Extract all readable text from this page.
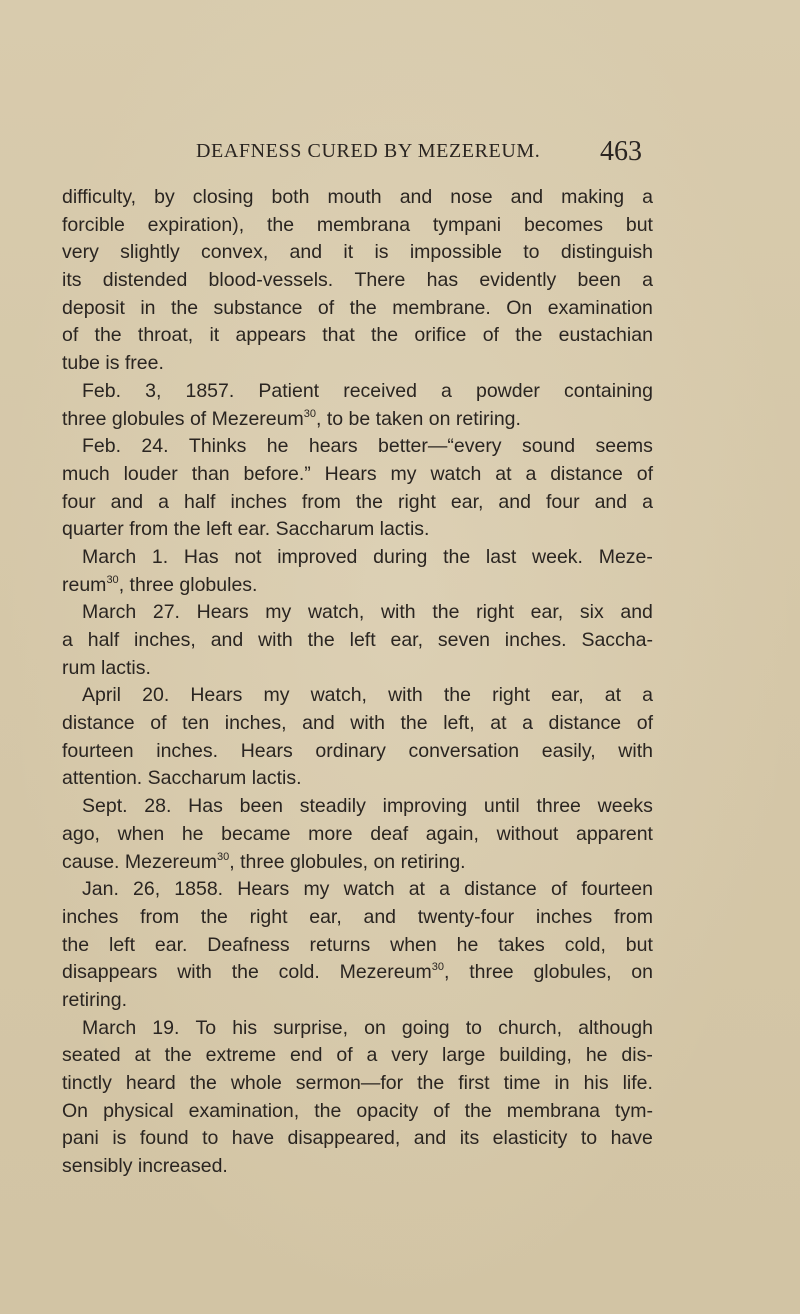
DEAFNESS CURED BY MEZEREUM. 463
difficulty, by closing both mouth and nose and making a
forcible expiration), the membrana tympani becomes but
very slightly convex, and it is impossible to distinguish
its distended blood-vessels. There has evidently been a
deposit in the substance of the membrane. On examination
of the throat, it appears that the orifice of the eustachian
tube is free.
Feb. 3, 1857. Patient received a powder containing
three globules of Mezereum$^{30}$, to be taken on retiring.
Feb. 24. Thinks he hears better—“every sound seems
much louder than before.” Hears my watch at a distance of
four and a half inches from the right ear, and four and a
quarter from the left ear. Saccharum lactis.
March 1. Has not improved during the last week. Meze-
reum$^{30}$, three globules.
March 27. Hears my watch, with the right ear, six and
a half inches, and with the left ear, seven inches. Saccha-
rum lactis.
April 20. Hears my watch, with the right ear, at a
distance of ten inches, and with the left, at a distance of
fourteen inches. Hears ordinary conversation easily, with
attention. Saccharum lactis.
Sept. 28. Has been steadily improving until three weeks
ago, when he became more deaf again, without apparent
cause. Mezereum$^{30}$, three globules, on retiring.
Jan. 26, 1858. Hears my watch at a distance of fourteen
inches from the right ear, and twenty-four inches from
the left ear. Deafness returns when he takes cold, but
disappears with the cold. Mezereum$^{30}$, three globules, on
retiring.
March 19. To his surprise, on going to church, although
seated at the extreme end of a very large building, he dis-
tinctly heard the whole sermon—for the first time in his life.
On physical examination, the opacity of the membrana tym-
pani is found to have disappeared, and its elasticity to have
sensibly increased.
